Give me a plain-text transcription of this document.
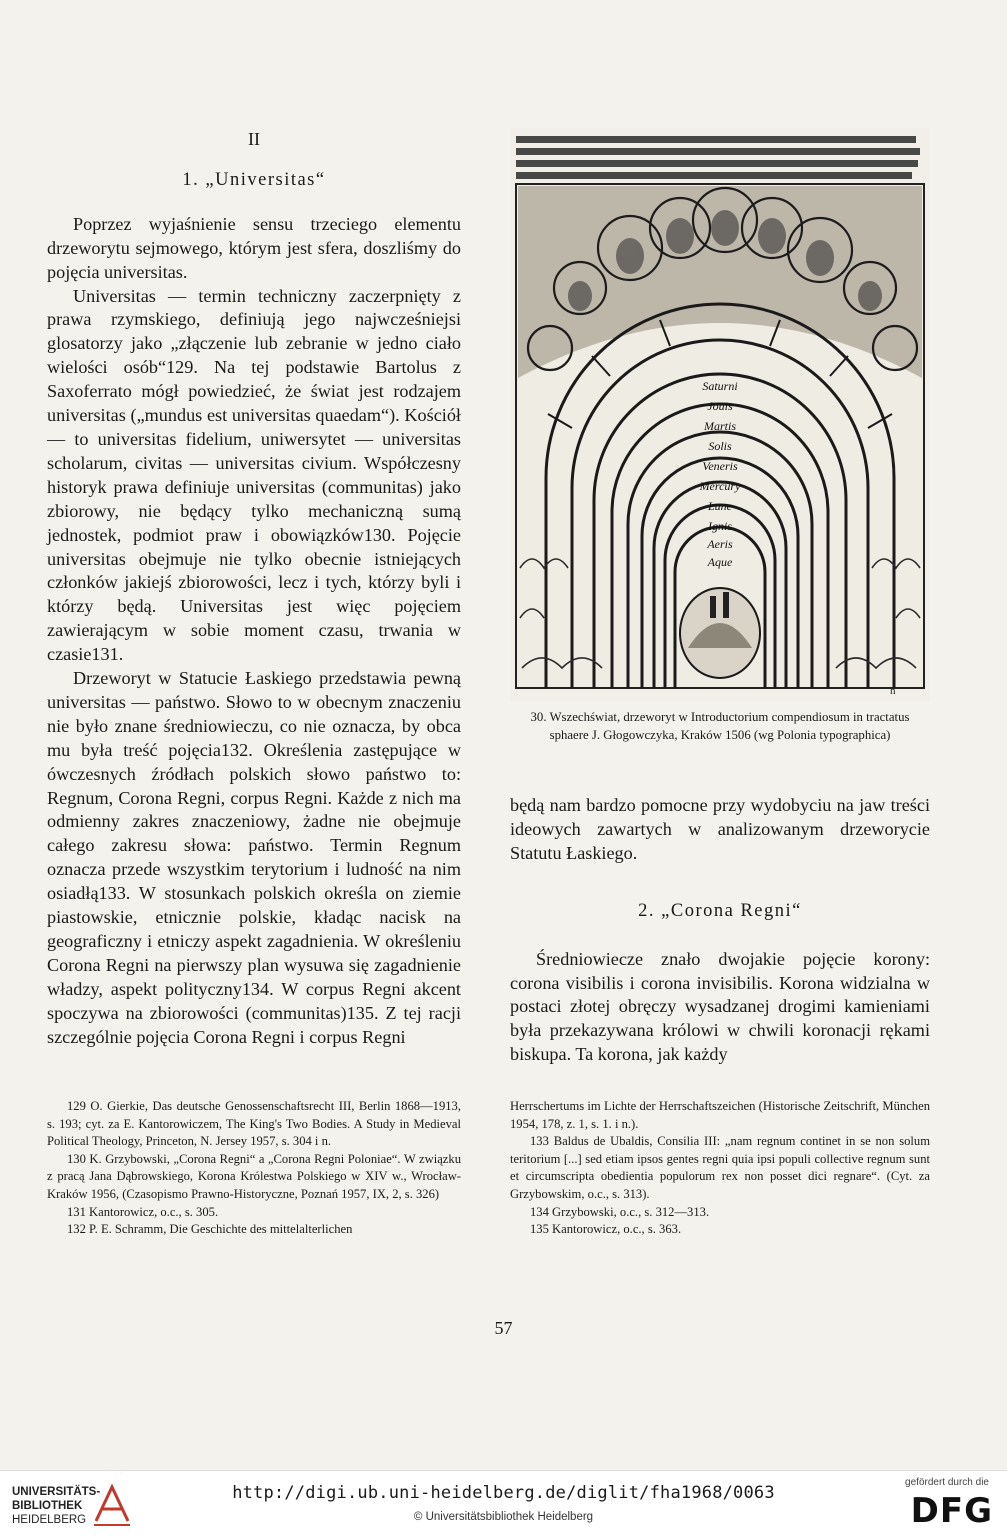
II

1. „Universitas“

Poprzez wyjaśnienie sensu trzeciego elementu drzeworytu sejmowego, którym jest sfera, doszliśmy do pojęcia universitas.

Universitas — termin techniczny zaczerpnięty z prawa rzymskiego, definiują jego najwcześniejsi glosatorzy jako „złączenie lub zebranie w jedno ciało wielości osób“129. Na tej podstawie Bartolus z Saxoferrato mógł powiedzieć, że świat jest rodzajem universitas („mundus est universitas quaedam“). Kościół — to universitas fidelium, uniwersytet — universitas scholarum, civitas — universitas civium. Współczesny historyk prawa definiuje universitas (communitas) jako zbiorowy, nie będący tylko mechaniczną sumą jednostek, podmiot praw i obowiązków130. Pojęcie universitas obejmuje nie tylko obecnie istniejących członków jakiejś zbiorowości, lecz i tych, którzy byli i którzy będą. Universitas jest więc pojęciem zawierającym w sobie moment czasu, trwania w czasie131.

Drzeworyt w Statucie Łaskiego przedstawia pewną universitas — państwo. Słowo to w obecnym znaczeniu nie było znane średniowieczu, co nie oznacza, by obca mu była treść pojęcia132. Określenia zastępujące w ówczesnych źródłach polskich słowo państwo to: Regnum, Corona Regni, corpus Regni. Każde z nich ma odmienny zakres znaczeniowy, żadne nie obejmuje całego zakresu słowa: państwo. Termin Regnum oznacza przede wszystkim terytorium i ludność na nim osiadłą133. W stosunkach polskich określa on ziemie piastowskie, etnicznie polskie, kładąc nacisk na geograficzny i etniczy aspekt zagadnienia. W określeniu Corona Regni na pierwszy plan wysuwa się zagadnienie władzy, aspekt polityczny134. W corpus Regni akcent spoczywa na zbiorowości (communitas)135. Z tej racji szczególnie pojęcia Corona Regni i corpus Regni

Saturni
Jouis
Martis
Solis
Veneris
Mercury
Lune
Ignis
Aeris
Aque
h
30. Wszechświat, drzeworyt w Introductorium compendiosum in tractatus sphaere J. Głogowczyka, Kraków 1506 (wg Polonia typographica)

będą nam bardzo pomocne przy wydobyciu na jaw treści ideowych zawartych w analizowanym drzeworycie Statutu Łaskiego.

2. „Corona Regni“

Średniowiecze znało dwojakie pojęcie korony: corona visibilis i corona invisibilis. Korona widzialna w postaci złotej obręczy wysadzanej drogimi kamieniami była przekazywana królowi w chwili koronacji rękami biskupa. Ta korona, jak każdy

129 O. Gierkie, Das deutsche Genossenschaftsrecht III, Berlin 1868—1913, s. 193; cyt. za E. Kantorowiczem, The King's Two Bodies. A Study in Medieval Political Theology, Princeton, N. Jersey 1957, s. 304 i n.

130 K. Grzybowski, „Corona Regni“ a „Corona Regni Poloniae“. W związku z pracą Jana Dąbrowskiego, Korona Królestwa Polskiego w XIV w., Wrocław-Kraków 1956, (Czasopismo Prawno-Historyczne, Poznań 1957, IX, 2, s. 326)

131 Kantorowicz, o.c., s. 305.

132 P. E. Schramm, Die Geschichte des mittelalterlichen

Herrschertums im Lichte der Herrschaftszeichen (Historische Zeitschrift, München 1954, 178, z. 1, s. 1. i n.).

133 Baldus de Ubaldis, Consilia III: „nam regnum continet in se non solum teritorium [...] sed etiam ipsos gentes regni quia ipsi populi collective regnum sunt et circumscripta obedientia populorum rex non posset dici regnare“. (Cyt. za Grzybowskim, o.c., s. 313).

134 Grzybowski, o.c., s. 312—313.

135 Kantorowicz, o.c., s. 363.

57
UNIVERSITÄTS-
BIBLIOTHEK
HEIDELBERG
http://digi.ub.uni-heidelberg.de/diglit/fha1968/0063
© Universitätsbibliothek Heidelberg
gefördert durch die
DFG
